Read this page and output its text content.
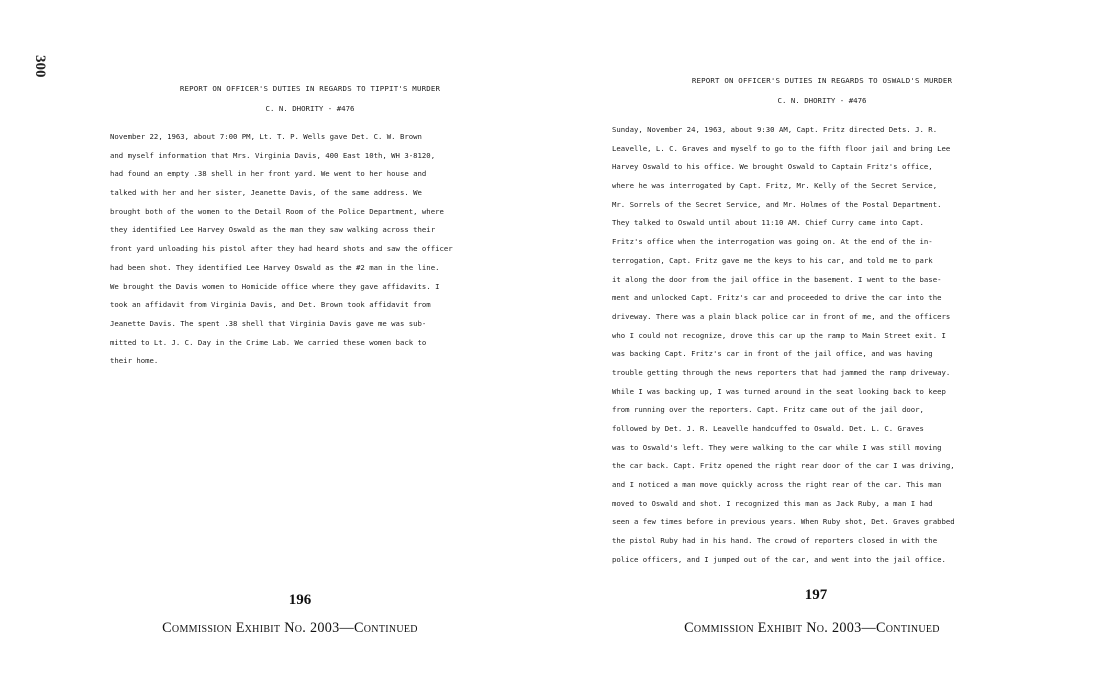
300
REPORT ON OFFICER'S DUTIES IN REGARDS TO TIPPIT'S MURDER
C. N. DHORITY - #476
November 22, 1963, about 7:00 PM, Lt. T. P. Wells gave Det. C. W. Brown
and myself information that Mrs. Virginia Davis, 400 East 10th, WH 3-8120,
had found an empty .38 shell in her front yard. We went to her house and
talked with her and her sister, Jeanette Davis, of the same address. We
brought both of the women to the Detail Room of the Police Department, where
they identified Lee Harvey Oswald as the man they saw walking across their
front yard unloading his pistol after they had heard shots and saw the officer
had been shot. They identified Lee Harvey Oswald as the #2 man in the line.
We brought the Davis women to Homicide office where they gave affidavits. I
took an affidavit from Virginia Davis, and Det. Brown took affidavit from
Jeanette Davis. The spent .38 shell that Virginia Davis gave me was sub-
mitted to Lt. J. C. Day in the Crime Lab. We carried these women back to
their home.
196
Commission Exhibit No. 2003—Continued
REPORT ON OFFICER'S DUTIES IN REGARDS TO OSWALD'S MURDER
C. N. DHORITY - #476
Sunday, November 24, 1963, about 9:30 AM, Capt. Fritz directed Dets. J. R.
Leavelle, L. C. Graves and myself to go to the fifth floor jail and bring Lee
Harvey Oswald to his office. We brought Oswald to Captain Fritz's office,
where he was interrogated by Capt. Fritz, Mr. Kelly of the Secret Service,
Mr. Sorrels of the Secret Service, and Mr. Holmes of the Postal Department.
They talked to Oswald until about 11:10 AM. Chief Curry came into Capt.
Fritz's office when the interrogation was going on. At the end of the in-
terrogation, Capt. Fritz gave me the keys to his car, and told me to park
it along the door from the jail office in the basement. I went to the base-
ment and unlocked Capt. Fritz's car and proceeded to drive the car into the
driveway. There was a plain black police car in front of me, and the officers
who I could not recognize, drove this car up the ramp to Main Street exit. I
was backing Capt. Fritz's car in front of the jail office, and was having
trouble getting through the news reporters that had jammed the ramp driveway.
While I was backing up, I was turned around in the seat looking back to keep
from running over the reporters. Capt. Fritz came out of the jail door,
followed by Det. J. R. Leavelle handcuffed to Oswald. Det. L. C. Graves
was to Oswald's left. They were walking to the car while I was still moving
the car back. Capt. Fritz opened the right rear door of the car I was driving,
and I noticed a man move quickly across the right rear of the car. This man
moved to Oswald and shot. I recognized this man as Jack Ruby, a man I had
seen a few times before in previous years. When Ruby shot, Det. Graves grabbed
the pistol Ruby had in his hand. The crowd of reporters closed in with the
police officers, and I jumped out of the car, and went into the jail office.
197
Commission Exhibit No. 2003—Continued
